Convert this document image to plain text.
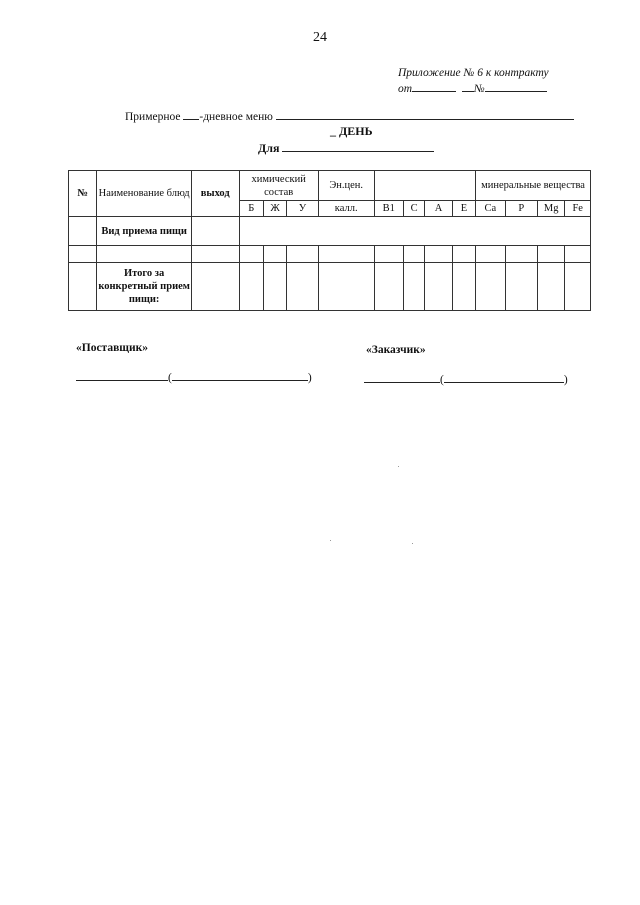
24
Приложение № 6 к контракту
от	№
Примерное -дневное меню
_ ДЕНЬ
Для
№	Наименование блюд	выход	химический состав			Эн.цен.					минеральные вещества			
			Б	Ж	У	калл.	B1	С	А	Е	Ca	P	Mg	Fe
	Вид приема пищи													

	Итого за конкретный прием пищи:													
«Поставщик»	«Заказчик»
(	)	(	)
